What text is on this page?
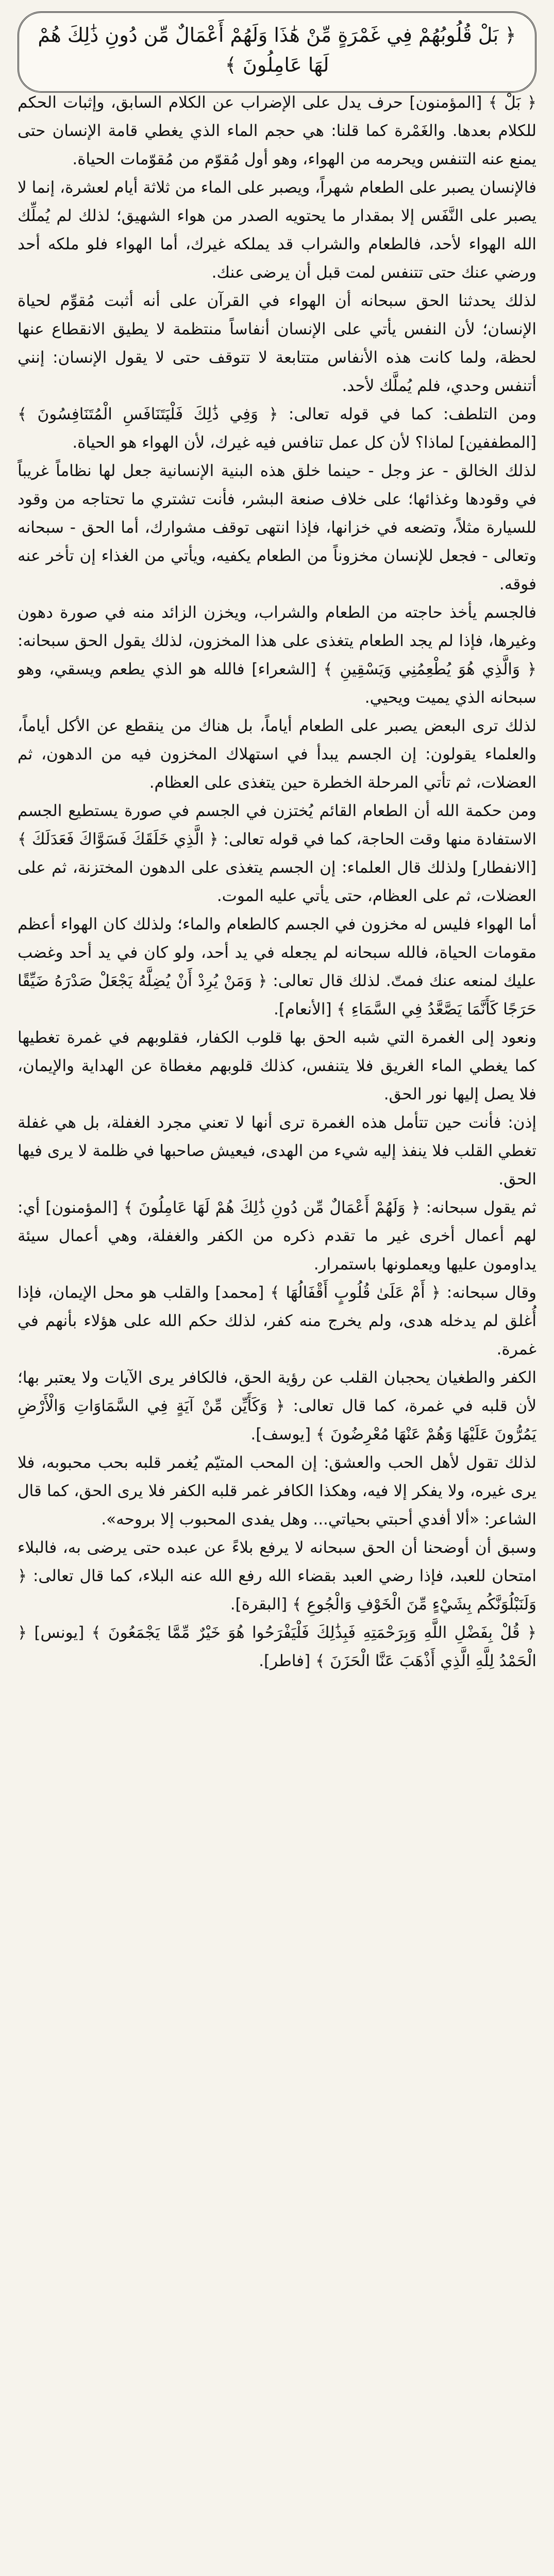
﴿ بَلْ قُلُوبُهُمْ فِي غَمْرَةٍ مِّنْ هَٰذَا وَلَهُمْ أَعْمَالٌ مِّن دُونِ ذَٰلِكَ هُمْ لَهَا عَامِلُونَ ﴾

﴿ بَلْ ﴾ [المؤمنون] حرف يدل على الإضراب عن الكلام السابق، وإثبات الحكم للكلام بعدها. والغَمْرة كما قلنا: هي حجم الماء الذي يغطي قامة الإنسان حتى يمنع عنه التنفس ويحرمه من الهواء، وهو أول مُقوّم من مُقوّمات الحياة.

فالإنسان يصبر على الطعام شهراً، ويصبر على الماء من ثلاثة أيام لعشرة، إنما لا يصبر على النَّفَس إلا بمقدار ما يحتويه الصدر من هواء الشهيق؛ لذلك لم يُملِّك الله الهواء لأحد، فالطعام والشراب قد يملكه غيرك، أما الهواء فلو ملكه أحد ورضي عنك حتى تتنفس لمت قبل أن يرضى عنك.

لذلك يحدثنا الحق سبحانه أن الهواء في القرآن على أنه أثبت مُقوِّم لحياة الإنسان؛ لأن النفس يأتي على الإنسان أنفاساً منتظمة لا يطيق الانقطاع عنها لحظة، ولما كانت هذه الأنفاس متتابعة لا تتوقف حتى لا يقول الإنسان: إنني أتنفس وحدي، فلم يُملَّك لأحد.

ومن التلطف: كما في قوله تعالى: ﴿ وَفِي ذَٰلِكَ فَلْيَتَنَافَسِ الْمُتَنَافِسُونَ ﴾ [المطففين] لماذا؟ لأن كل عمل تنافس فيه غيرك، لأن الهواء هو الحياة.

لذلك الخالق - عز وجل - حينما خلق هذه البنية الإنسانية جعل لها نظاماً غريباً في وقودها وغذائها؛ على خلاف صنعة البشر، فأنت تشتري ما تحتاجه من وقود للسيارة مثلاً، وتضعه في خزانها، فإذا انتهى توقف مشوارك، أما الحق - سبحانه وتعالى - فجعل للإنسان مخزوناً من الطعام يكفيه، ويأتي من الغذاء إن تأخر عنه فوقه.

فالجسم يأخذ حاجته من الطعام والشراب، ويخزن الزائد منه في صورة دهون وغيرها، فإذا لم يجد الطعام يتغذى على هذا المخزون، لذلك يقول الحق سبحانه: ﴿ وَالَّذِي هُوَ يُطْعِمُنِي وَيَسْقِينِ ﴾ [الشعراء] فالله هو الذي يطعم ويسقي، وهو سبحانه الذي يميت ويحيي.

لذلك ترى البعض يصبر على الطعام أياماً، بل هناك من ينقطع عن الأكل أياماً، والعلماء يقولون: إن الجسم يبدأ في استهلاك المخزون فيه من الدهون، ثم العضلات، ثم تأتي المرحلة الخطرة حين يتغذى على العظام.

ومن حكمة الله أن الطعام القائم يُختزن في الجسم في صورة يستطيع الجسم الاستفادة منها وقت الحاجة، كما في قوله تعالى: ﴿ الَّذِي خَلَقَكَ فَسَوَّاكَ فَعَدَلَكَ ﴾ [الانفطار] ولذلك قال العلماء: إن الجسم يتغذى على الدهون المختزنة، ثم على العضلات، ثم على العظام، حتى يأتي عليه الموت.

أما الهواء فليس له مخزون في الجسم كالطعام والماء؛ ولذلك كان الهواء أعظم مقومات الحياة، فالله سبحانه لم يجعله في يد أحد، ولو كان في يد أحد وغضب عليك لمنعه عنك فمتّ. لذلك قال تعالى: ﴿ وَمَنْ يُرِدْ أَنْ يُضِلَّهُ يَجْعَلْ صَدْرَهُ ضَيِّقًا حَرَجًا كَأَنَّمَا يَصَّعَّدُ فِي السَّمَاءِ ﴾ [الأنعام].

ونعود إلى الغمرة التي شبه الحق بها قلوب الكفار، فقلوبهم في غمرة تغطيها كما يغطي الماء الغريق فلا يتنفس، كذلك قلوبهم مغطاة عن الهداية والإيمان، فلا يصل إليها نور الحق.

إذن: فأنت حين تتأمل هذه الغمرة ترى أنها لا تعني مجرد الغفلة، بل هي غفلة تغطي القلب فلا ينفذ إليه شيء من الهدى، فيعيش صاحبها في ظلمة لا يرى فيها الحق.

ثم يقول سبحانه: ﴿ وَلَهُمْ أَعْمَالٌ مِّن دُونِ ذَٰلِكَ هُمْ لَهَا عَامِلُونَ ﴾ [المؤمنون] أي: لهم أعمال أخرى غير ما تقدم ذكره من الكفر والغفلة، وهي أعمال سيئة يداومون عليها ويعملونها باستمرار.

وقال سبحانه: ﴿ أَمْ عَلَىٰ قُلُوبٍ أَقْفَالُهَا ﴾ [محمد] والقلب هو محل الإيمان، فإذا أُغلق لم يدخله هدى، ولم يخرج منه كفر، لذلك حكم الله على هؤلاء بأنهم في غمرة.

الكفر والطغيان يحجبان القلب عن رؤية الحق، فالكافر يرى الآيات ولا يعتبر بها؛ لأن قلبه في غمرة، كما قال تعالى: ﴿ وَكَأَيِّن مِّنْ آيَةٍ فِي السَّمَاوَاتِ وَالْأَرْضِ يَمُرُّونَ عَلَيْهَا وَهُمْ عَنْهَا مُعْرِضُونَ ﴾ [يوسف].

لذلك تقول لأهل الحب والعشق: إن المحب المتيّم يُغمر قلبه بحب محبوبه، فلا يرى غيره، ولا يفكر إلا فيه، وهكذا الكافر غمر قلبه الكفر فلا يرى الحق، كما قال الشاعر: «ألا أفدي أحبتي بحياتي... وهل يفدى المحبوب إلا بروحه».

وسبق أن أوضحنا أن الحق سبحانه لا يرفع بلاءً عن عبده حتى يرضى به، فالبلاء امتحان للعبد، فإذا رضي العبد بقضاء الله رفع الله عنه البلاء، كما قال تعالى: ﴿ وَلَنَبْلُوَنَّكُم بِشَيْءٍ مِّنَ الْخَوْفِ وَالْجُوعِ ﴾ [البقرة].

﴿ قُلْ بِفَضْلِ اللَّهِ وَبِرَحْمَتِهِ فَبِذَٰلِكَ فَلْيَفْرَحُوا هُوَ خَيْرٌ مِّمَّا يَجْمَعُونَ ﴾ [يونس] ﴿ الْحَمْدُ لِلَّهِ الَّذِي أَذْهَبَ عَنَّا الْحَزَنَ ﴾ [فاطر].
